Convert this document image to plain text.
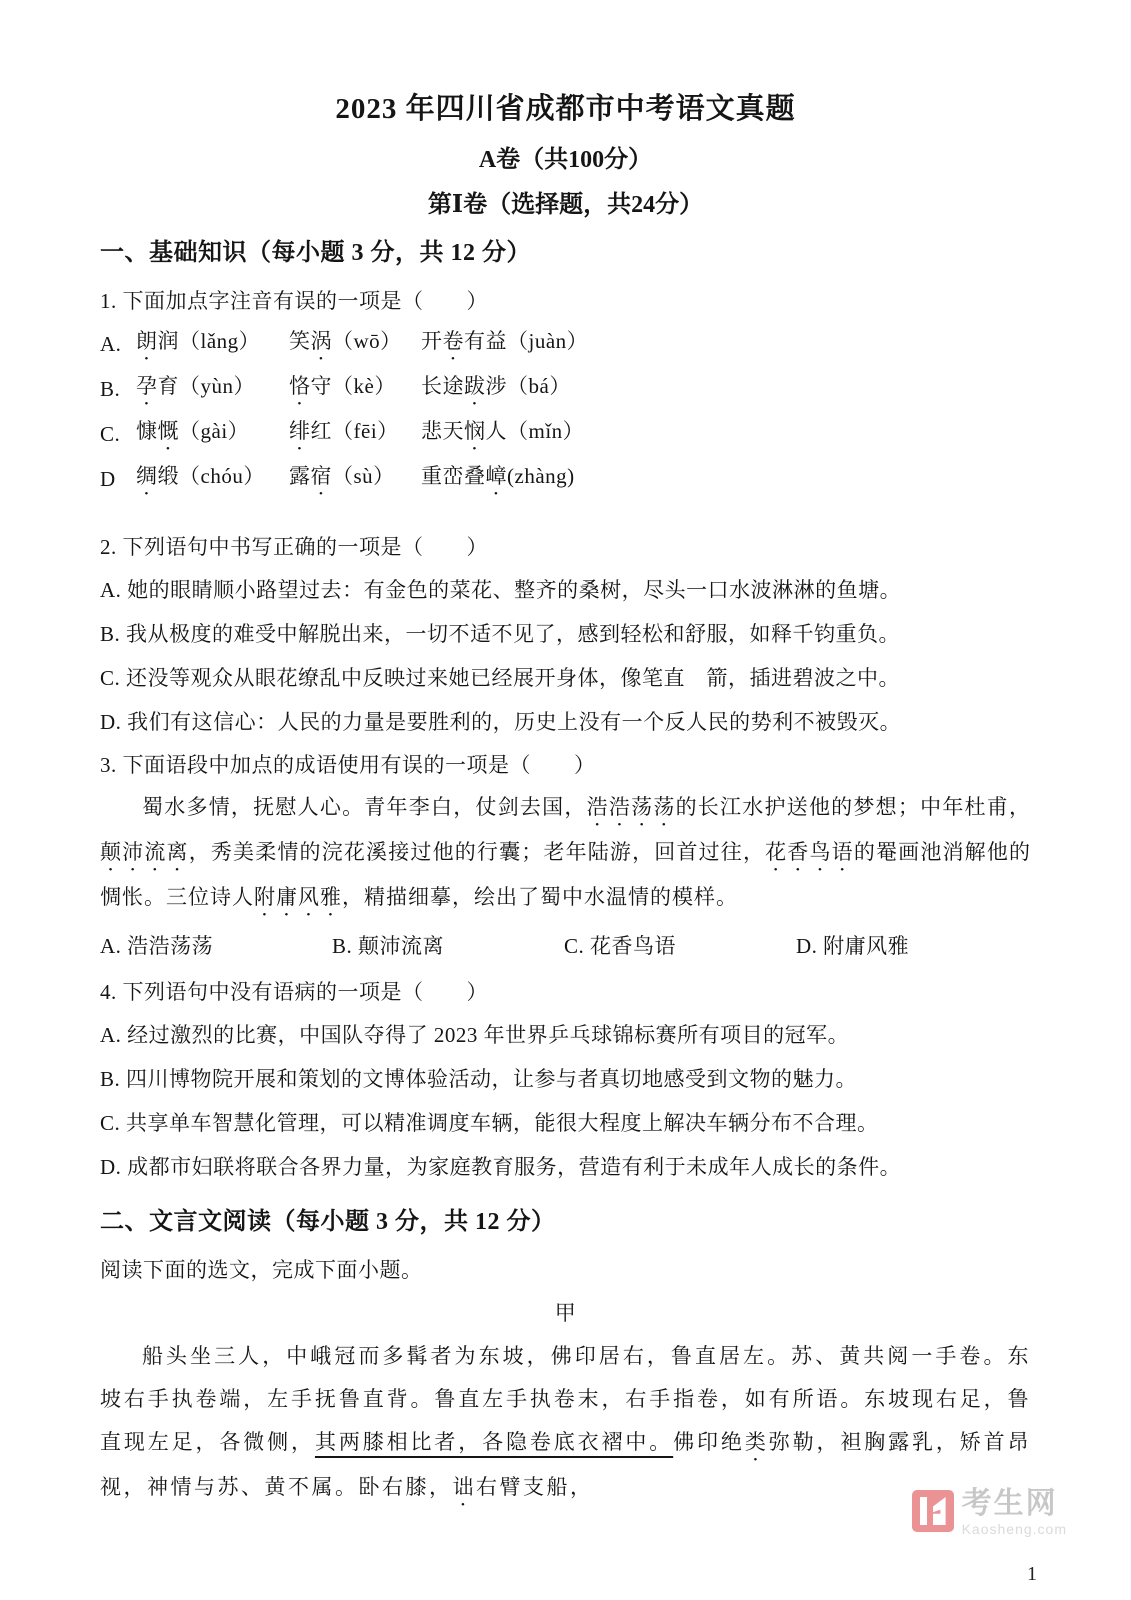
2023 年四川省成都市中考语文真题
A卷（共100分）
第Ⅰ卷（选择题，共24分）
一、基础知识（每小题 3 分，共 12 分）

1. 下面加点字注音有误的一项是（　　）

A. 朗润（lǎng）	笑涡（wō） 开卷有益（juàn）
B. 孕育（yùn）	恪守（kè）	长途跋涉（bá）
C. 慷慨（gài）	绯红（fēi）	悲天悯人（mǐn）
D 绸缎（chóu）	露宿（sù）	重峦叠嶂(zhàng)

2. 下列语句中书写正确的一项是（　　）

A. 她的眼睛顺小路望过去：有金色的菜花、整齐的桑树，尽头一口水波淋淋的鱼塘。

B. 我从极度的难受中解脱出来，一切不适不见了，感到轻松和舒服，如释千钧重负。

C. 还没等观众从眼花缭乱中反映过来她已经展开身体，像笔直　箭，插进碧波之中。

D. 我们有这信心：人民的力量是要胜利的，历史上没有一个反人民的势利不被毁灭。

3. 下面语段中加点的成语使用有误的一项是（　　）

蜀水多情，抚慰人心。青年李白，仗剑去国，浩浩荡荡的长江水护送他的梦想；中年杜甫，颠沛流离，秀美柔情的浣花溪接过他的行囊；老年陆游，回首过往，花香鸟语的罨画池消解他的惆怅。三位诗人附庸风雅，精描细摹，绘出了蜀中水温情的模样。

A. 浩浩荡荡	B. 颠沛流离	C. 花香鸟语	D. 附庸风雅

4. 下列语句中没有语病的一项是（　　）

A. 经过激烈的比赛，中国队夺得了 2023 年世界乒乓球锦标赛所有项目的冠军。

B. 四川博物院开展和策划的文博体验活动，让参与者真切地感受到文物的魅力。

C. 共享单车智慧化管理，可以精准调度车辆，能很大程度上解决车辆分布不合理。

D. 成都市妇联将联合各界力量，为家庭教育服务，营造有利于未成年人成长的条件。

二、文言文阅读（每小题 3 分，共 12 分）

阅读下面的选文，完成下面小题。

甲

船头坐三人，中峨冠而多髯者为东坡，佛印居右，鲁直居左。苏、黄共阅一手卷。东坡右手执卷端，左手抚鲁直背。鲁直左手执卷末，右手指卷，如有所语。东坡现右足，鲁直现左足，各微侧，其两膝相比者，各隐卷底衣褶中。佛印绝类弥勒，袒胸露乳，矫首昂视，神情与苏、黄不属。卧右膝，诎右臂支船，	考生网
Kaosheng.com
1
